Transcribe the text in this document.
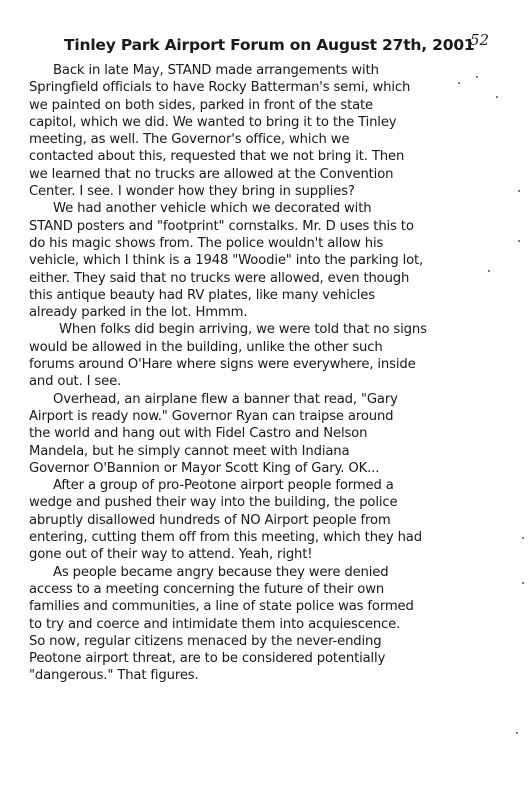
Tinley Park Airport Forum on August 27th, 2001
52
Back in late May, STAND made arrangements with
Springfield officials to have Rocky Batterman's semi, which
we painted on both sides, parked in front of the state
capitol, which we did. We wanted to bring it to the Tinley
meeting, as well. The Governor's office, which we
contacted about this, requested that we not bring it. Then
we learned that no trucks are allowed at the Convention
Center. I see. I wonder how they bring in supplies?
We had another vehicle which we decorated with
STAND posters and "footprint" cornstalks. Mr. D uses this to
do his magic shows from. The police wouldn't allow his
vehicle, which I think is a 1948 "Woodie" into the parking lot,
either. They said that no trucks were allowed, even though
this antique beauty had RV plates, like many vehicles
already parked in the lot. Hmmm.
When folks did begin arriving, we were told that no signs
would be allowed in the building, unlike the other such
forums around O'Hare where signs were everywhere, inside
and out. I see.
Overhead, an airplane flew a banner that read, "Gary
Airport is ready now." Governor Ryan can traipse around
the world and hang out with Fidel Castro and Nelson
Mandela, but he simply cannot meet with Indiana
Governor O'Bannion or Mayor Scott King of Gary. OK...
After a group of pro-Peotone airport people formed a
wedge and pushed their way into the building, the police
abruptly disallowed hundreds of NO Airport people from
entering, cutting them off from this meeting, which they had
gone out of their way to attend. Yeah, right!
As people became angry because they were denied
access to a meeting concerning the future of their own
families and communities, a line of state police was formed
to try and coerce and intimidate them into acquiescence.
So now, regular citizens menaced by the never-ending
Peotone airport threat, are to be considered potentially
"dangerous." That figures.
